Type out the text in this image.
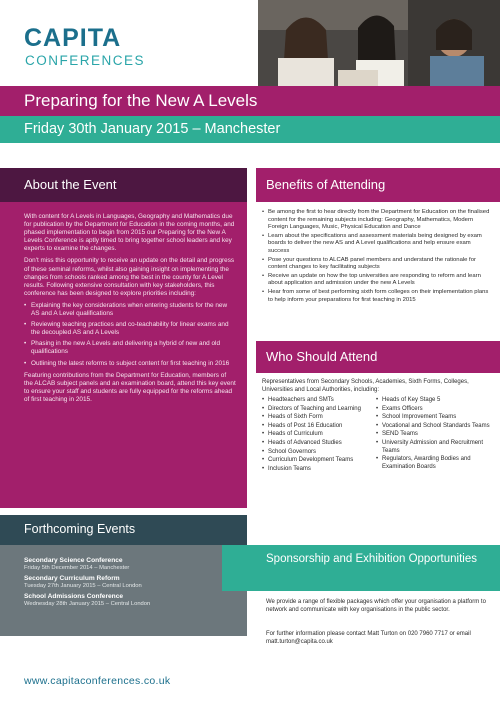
CAPITA
CONFERENCES
Preparing for the New A Levels
Friday 30th January 2015 – Manchester
About the Event

With content for A Levels in Languages, Geography and Mathematics due for publication by the Department for Education in the coming months, and phased implementation to begin from 2015 our Preparing for the New A Levels Conference is aptly timed to bring together school leaders and key experts to examine the changes.

Don't miss this opportunity to receive an update on the detail and progress of these seminal reforms, whilst also gaining insight on implementing the changes from schools ranked among the best in the county for A Level results. Following extensive consultation with key stakeholders, this conference has been designed to explore priorities including:

• Explaining the key considerations when entering students for the new AS and A Level qualifications
• Reviewing teaching practices and co-teachability for linear exams and the decoupled AS and A Levels
• Phasing in the new A Levels and delivering a hybrid of new and old qualifications
• Outlining the latest reforms to subject content for first teaching in 2016

Featuring contributions from the Department for Education, members of the ALCAB subject panels and an examination board, attend this key event to ensure your staff and students are fully equipped for the reforms ahead of first teaching in 2015.

Benefits of Attending
• Be among the first to hear directly from the Department for Education on the finalised content for the remaining subjects including: Geography, Mathematics, Modern Foreign Languages, Music, Physical Education and Dance
• Learn about the specifications and assessment materials being designed by exam boards to deliver the new AS and A Level qualifications and help ensure exam success
• Pose your questions to ALCAB panel members and understand the rationale for content changes to key facilitating subjects
• Receive an update on how the top universities are responding to reform and learn about application and admission under the new A Levels
• Hear from some of best performing sixth form colleges on their implementation plans to help inform your preparations for first teaching in 2015
Who Should Attend
Representatives from Secondary Schools, Academies, Sixth Forms, Colleges, Universities and Local Authorities, including:
• Headteachers and SMTs
• Directors of Teaching and Learning
• Heads of Sixth Form
• Heads of Post 16 Education
• Heads of Curriculum
• Heads of Advanced Studies
• School Governors
• Curriculum Development Teams
• Inclusion Teams
• Heads of Key Stage 5
• Exams Officers
• School Improvement Teams
• Vocational and School Standards Teams
• SEND Teams
• University Admission and Recruitment Teams
• Regulators, Awarding Bodies and Examination Boards
Forthcoming Events
Secondary Science Conference
Friday 5th December 2014 – Manchester
Secondary Curriculum Reform
Tuesday 27th January 2015 – Central London
School Admissions Conference
Wednesday 28th January 2015 – Central London
Sponsorship and Exhibition Opportunities
We provide a range of flexible packages which offer your organisation a platform to network and communicate with key organisations in the public sector.
For further information please contact Matt Turton on 020 7960 7717 or email matt.turton@capita.co.uk
www.capitaconferences.co.uk
